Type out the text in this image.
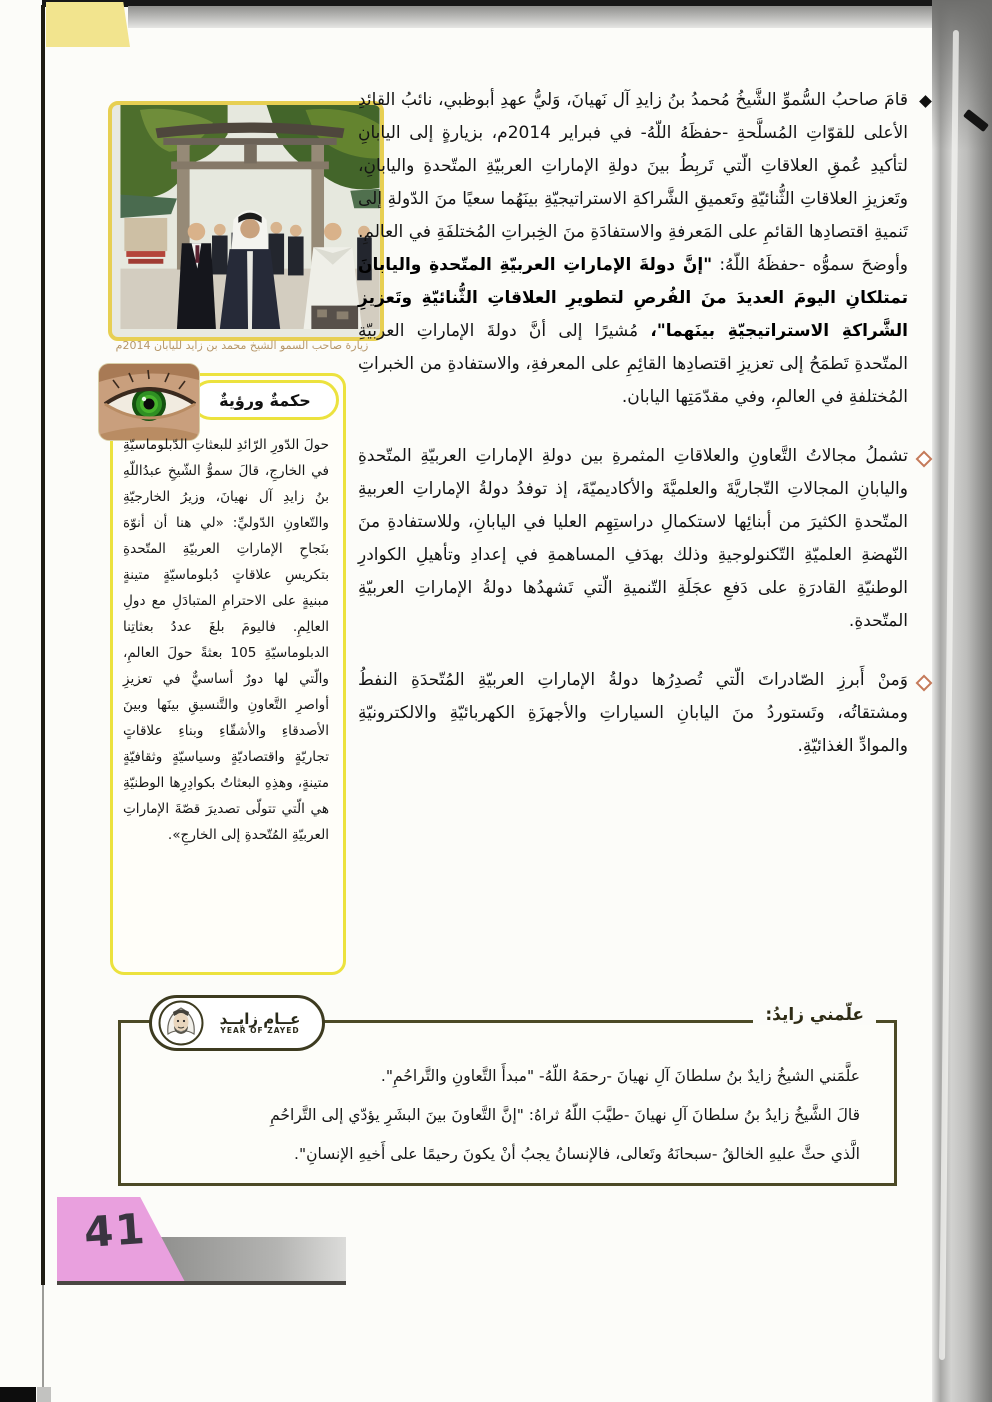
41
زيارة صاحب السمو الشيخ محمد بن زايد لليابان 2014م
حكمةٌ ورؤيةٌ
حولَ الدّورِ الرّائدِ للبعثاتِ الدّبلوماسيّةِ في الخارجِ، قالَ سموُّ الشّيخِ عبدُاللّهِ بنُ زايدِ آل نهيانَ، وزيرُ الخارجيّةِ والتّعاونِ الدّوليِّ: «لي هنا أن أنوّهَ بنَجاحِ الإماراتِ العربيّةِ المتّحدةِ بتكريسِ علاقاتٍ دُبلوماسيّةٍ متينةٍ مبنيةٍ على الاحترامِ المتبادَلِ مع دولِ العالِمِ. فاليومَ بلغَ عددُ بعثاتِنا الدبلوماسيّةِ 105 بعثةً حولَ العالمِ، والّتي لها دورٌ أساسيٌّ في تعزيزِ أواصرِ التَّعاونِ والتَّنسيقِ بينَها وبينَ الأصدقاءِ والأشقّاءِ وبناءِ علاقاتٍ تجاريّةٍ واقتصاديّةٍ وسياسيّةٍ وثقافيّةٍ متينةٍ، وهذِهِ البعثاتُ بكوادِرِها الوطنيّةِ هي الّتي تتولّى تصديرَ قصّةَ الإماراتِ العربيّةِ المُتّحدةِ إلى الخارجِ».
قامَ صاحبُ السُّموِّ الشَّيخُ مُحمدُ بنُ زايدِ آل نَهيانَ، وَليُّ عهدِ أبوظبي، نائبُ القائدِ الأعلى للقوّاتِ المُسلَّحةِ -حفظَهُ اللّهُ- في فبراير 2014م، بزيارةٍ إلى اليابانِ لتأكيدِ عُمقِ العلاقاتِ الّتي تَربِطُ بينَ دولةِ الإماراتِ العربيّةِ المتّحدةِ واليابانِ، وتَعزيزِ العلاقاتِ الثُّنائيّةِ وتَعميقِ الشَّراكةِ الاستراتيجيّةِ بينَهُما سعيًا منَ الدّولةِ إلى تَنميةِ اقتصادِها القائمِ على المَعرفةِ والاستفادَةِ منَ الخِبراتِ المُختلفَةِ في العالمِ. وأوضحَ سموُّه -حفظَهُ اللّهُ: "إنَّ دولةَ الإماراتِ العربيّةِ المتّحدةِ واليابانَ تمتلكانِ اليومَ العديدَ منَ الفُرصِ لتطويرِ العلاقاتِ الثُّنائيّةِ وتَعزيزِ الشَّراكةِ الاستراتيجيّةِ بينَهما"، مُشيرًا إلى أنَّ دولةَ الإماراتِ العربيّةِ المتّحدةِ تَطمَحُ إلى تعزيزِ اقتصادِها القائِمِ على المعرفةِ، والاستفادةِ من الخبراتِ المُختلفةِ في العالمِ، وفي مقدّمَتِها اليابان.
تشملُ مجالاتُ التَّعاونِ والعلاقاتِ المثمرةِ بين دولةِ الإماراتِ العربيّةِ المتّحدةِ واليابانِ المجالاتِ التّجاريَّةَ والعلميَّةَ والأكاديميّةَ، إذ توفدُ دولةُ الإماراتِ العربيةِ المتّحدةِ الكثيرَ من أبنائِها لاستكمالِ دراستِهِم العليا في اليابانِ، وللاستفادةِ منَ النّهضةِ العلميّةِ التّكنولوجيةِ وذلك بهدَفِ المساهمةِ في إعدادِ وتأهيلِ الكوادرِ الوطنيّةِ القادرَةِ على دَفعِ عجَلَةِ التّنميةِ الّتي تَشهدُها دولةُ الإماراتِ العربيّةِ المتّحدةِ.
وَمنْ أَبرزِ الصّادراتَ الّتي تُصدِرُها دولةُ الإماراتِ العربيّةِ المُتّحدَةِ النفطُ ومشتقاتُه، وتَستوردُ منَ اليابانِ السياراتِ والأجهزَةِ الكهربائيّةِ والالكترونيّةِ والموادِّ الغذائيّةِ.
علّمني زايدُ:
عــام زايــد
YEAR OF ZAYED
علَّمَني الشيخُ زايدٌ بنُ سلطانَ آلِ نهيانَ -رحمَهُ اللّهُ- "مبدأَ التَّعاونِ والتَّراحُمِ".
قالَ الشَّيخُ زايدُ بنُ سلطانَ آلِ نهيانَ -طيَّبَ اللّهُ ثراهُ: "إنَّ التَّعاونَ بينَ البشَرِ يؤدّي إلى التَّراحُمِ
الَّذي حثَّ عليهِ الخالقُ -سبحانَهُ وتَعالى، فالإنسانُ يجبُ أنْ يكونَ رحيمًا على أَخيهِ الإنسانِ".
